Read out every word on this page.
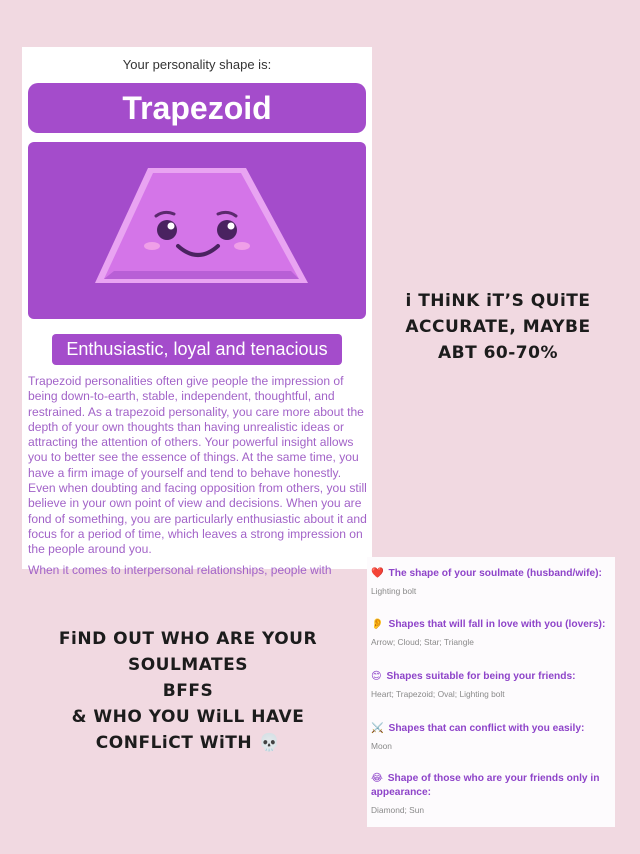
Your personality shape is:
Trapezoid
Enthusiastic, loyal and tenacious
Trapezoid personalities often give people the impression of being down-to-earth, stable, independent, thoughtful, and restrained. As a trapezoid personality, you care more about the depth of your own thoughts than having unrealistic ideas or attracting the attention of others. Your powerful insight allows you to better see the essence of things. At the same time, you have a firm image of yourself and tend to behave honestly. Even when doubting and facing opposition from others, you still believe in your own point of view and decisions. When you are fond of something, you are particularly enthusiastic about it and focus for a period of time, which leaves a strong impression on the people around you.
When it comes to interpersonal relationships, people with
i THiNK iT’S QUiTE
ACCURATE, MAYBE
ABT 60-70%
❤️ The shape of your soulmate (husband/wife):
Lighting bolt
👂 Shapes that will fall in love with you (lovers):
Arrow; Cloud; Star; Triangle
😊 Shapes suitable for being your friends:
Heart; Trapezoid; Oval; Lighting bolt
⚔️ Shapes that can conflict with you easily:
Moon
😂 Shape of those who are your friends only in appearance:
Diamond; Sun
FiND OUT WHO ARE YOUR
SOULMATES
BFFS
& WHO YOU WiLL HAVE
CONFLiCT WiTH 💀
